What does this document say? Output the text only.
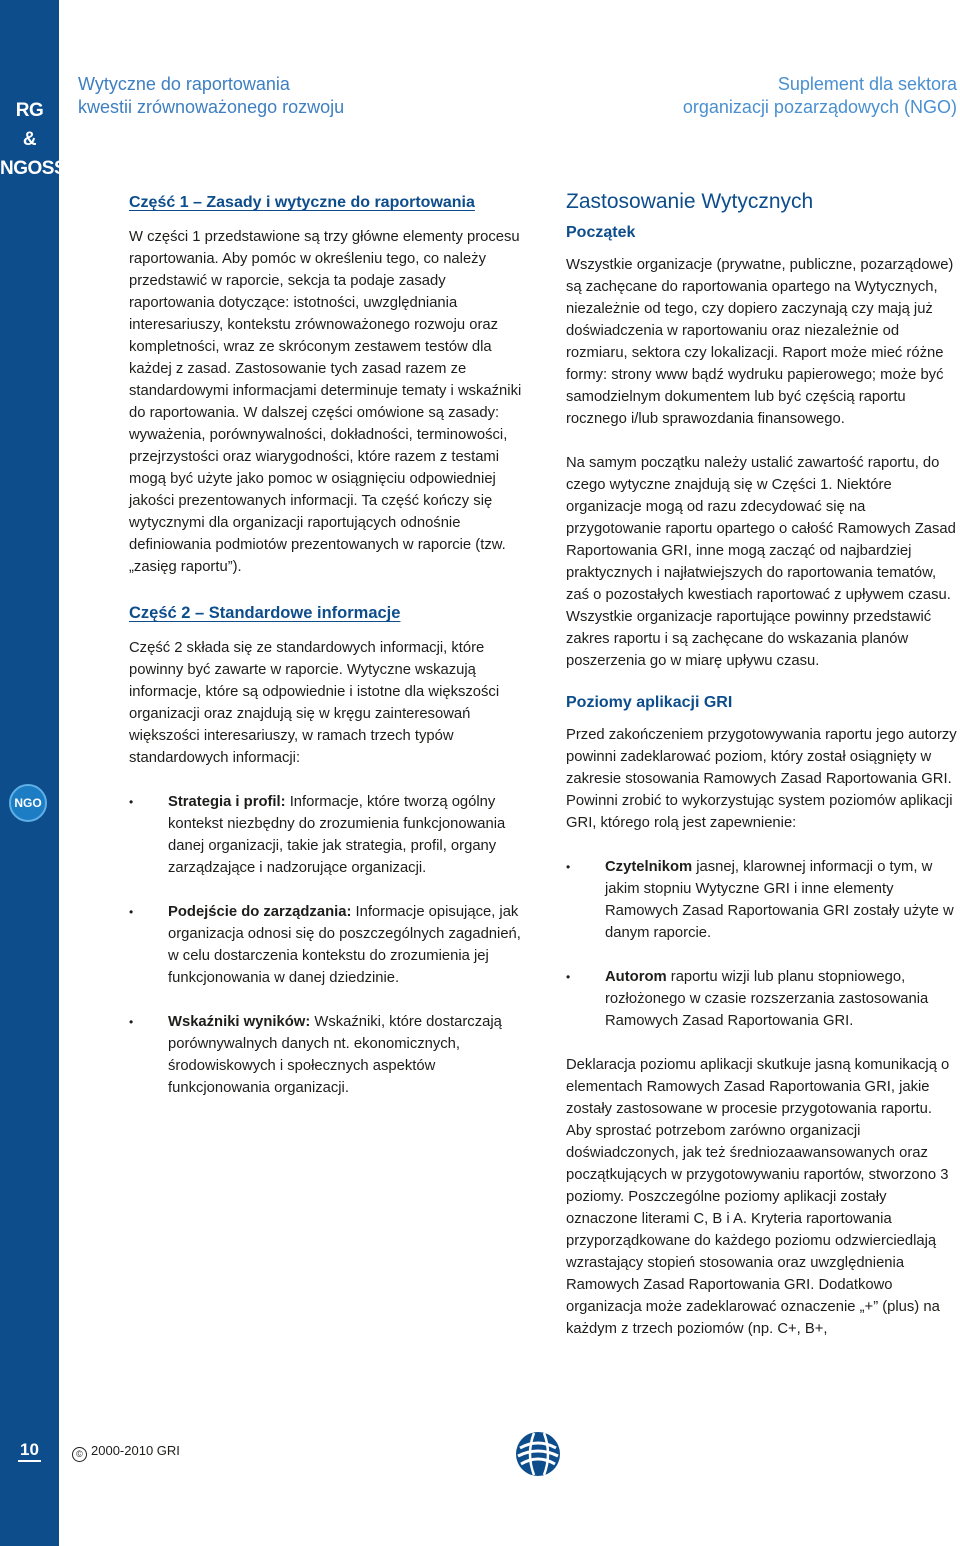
RG
&
NGOSS
NGO
10
Wytyczne do raportowania
kwestii zrównoważonego rozwoju
Suplement dla sektora
organizacji pozarządowych (NGO)
Część 1 – Zasady i wytyczne do raportowania

W części 1 przedstawione są trzy główne elementy procesu raportowania. Aby pomóc w określeniu tego, co należy przedstawić w raporcie, sekcja ta podaje zasady raportowania dotyczące: istotności, uwzględniania interesariuszy, kontekstu zrównoważonego rozwoju oraz kompletności, wraz ze skróconym zestawem testów dla każdej z zasad. Zastosowanie tych zasad razem ze standardowymi informacjami determinuje tematy i wskaźniki do raportowania. W dalszej części omówione są zasady: wyważenia, porównywalności, dokładności, terminowości, przejrzystości oraz wiarygodności, które razem z testami mogą być użyte jako pomoc w osiągnięciu odpowiedniej jakości prezentowanych informacji. Ta część kończy się wytycznymi dla organizacji raportujących odnośnie definiowania podmiotów prezentowanych w raporcie (tzw. „zasięg raportu”).

Część 2 – Standardowe informacje

Część 2 składa się ze standardowych informacji, które powinny być zawarte w raporcie. Wytyczne wskazują informacje, które są odpowiednie i istotne dla większości organizacji oraz znajdują się w kręgu zainteresowań większości interesariuszy, w ramach trzech typów standardowych informacji:

• Strategia i profil: Informacje, które tworzą ogólny kontekst niezbędny do zrozumienia funkcjonowania danej organizacji, takie jak strategia, profil, organy zarządzające i nadzorujące organizacji.
• Podejście do zarządzania: Informacje opisujące, jak organizacja odnosi się do poszczególnych zagadnień, w celu dostarczenia kontekstu do zrozumienia jej funkcjonowania w danej dziedzinie.
• Wskaźniki wyników: Wskaźniki, które dostarczają porównywalnych danych nt. ekonomicznych, środowiskowych i społecznych aspektów funkcjonowania organizacji.
Zastosowanie Wytycznych
Początek

Wszystkie organizacje (prywatne, publiczne, pozarządowe) są zachęcane do raportowania opartego na Wytycznych, niezależnie od tego, czy dopiero zaczynają czy mają już doświadczenia w raportowaniu oraz niezależnie od rozmiaru, sektora czy lokalizacji. Raport może mieć różne formy: strony www bądź wydruku papierowego; może być samodzielnym dokumentem lub być częścią raportu rocznego i/lub sprawozdania finansowego.

Na samym początku należy ustalić zawartość raportu, do czego wytyczne znajdują się w Części 1. Niektóre organizacje mogą od razu zdecydować się na przygotowanie raportu opartego o całość Ramowych Zasad Raportowania GRI, inne mogą zacząć od najbardziej praktycznych i najłatwiejszych do raportowania tematów, zaś o pozostałych kwestiach raportować z upływem czasu. Wszystkie organizacje raportujące powinny przedstawić zakres raportu i są zachęcane do wskazania planów poszerzenia go w miarę upływu czasu.

Poziomy aplikacji GRI

Przed zakończeniem przygotowywania raportu jego autorzy powinni zadeklarować poziom, który został osiągnięty w zakresie stosowania Ramowych Zasad Raportowania GRI. Powinni zrobić to wykorzystując system poziomów aplikacji GRI, którego rolą jest zapewnienie:

• Czytelnikom jasnej, klarownej informacji o tym, w jakim stopniu Wytyczne GRI i inne elementy Ramowych Zasad Raportowania GRI zostały użyte w danym raporcie.
• Autorom raportu wizji lub planu stopniowego, rozłożonego w czasie rozszerzania zastosowania Ramowych Zasad Raportowania GRI.

Deklaracja poziomu aplikacji skutkuje jasną komunikacją o elementach Ramowych Zasad Raportowania GRI, jakie zostały zastosowane w procesie przygotowania raportu. Aby sprostać potrzebom zarówno organizacji doświadczonych, jak też średniozaawansowanych oraz początkujących w przygotowywaniu raportów, stworzono 3 poziomy. Poszczególne poziomy aplikacji zostały oznaczone literami C, B i A. Kryteria raportowania przyporządkowane do każdego poziomu odzwierciedlają wzrastający stopień stosowania oraz uwzględnienia Ramowych Zasad Raportowania GRI. Dodatkowo organizacja może zadeklarować oznaczenie „+” (plus) na każdym z trzech poziomów (np. C+, B+,

© 2000-2010 GRI
